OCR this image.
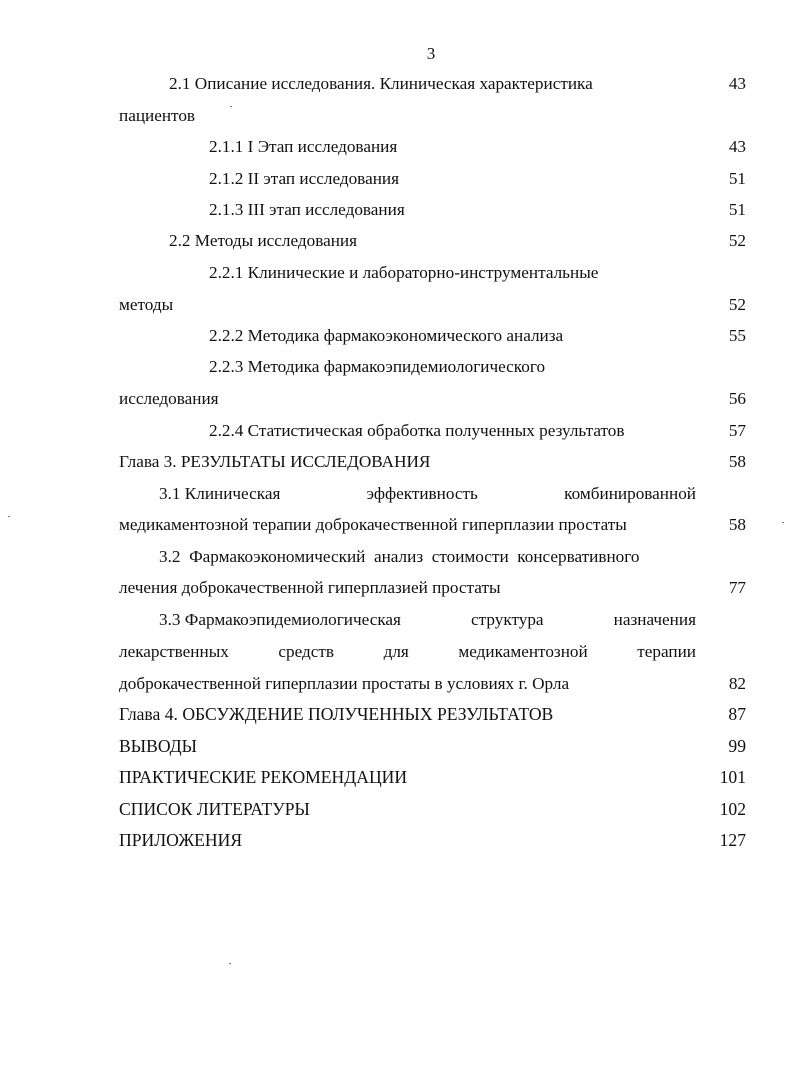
3
2.1 Описание исследования. Клиническая характеристика	43
пациентов
2.1.1 I Этап исследования	43
2.1.2 II этап исследования	51
2.1.3 III этап исследования	51
2.2 Методы исследования	52
2.2.1 Клинические и лабораторно-инструментальные
методы	52
2.2.2 Методика фармакоэкономического анализа	55
2.2.3 Методика фармакоэпидемиологического
исследования	56
2.2.4 Статистическая обработка полученных результатов	57
Глава 3. РЕЗУЛЬТАТЫ ИССЛЕДОВАНИЯ	58
3.1 Клиническая	эффективность	комбинированной
медикаментозной терапии доброкачественной гиперплазии простаты	58
3.2  Фармакоэкономический  анализ  стоимости  консервативного
лечения доброкачественной гиперплазией простаты	77
3.3 Фармакоэпидемиологическая	структура	назначения
лекарственных	средств	для	медикаментозной	терапии
доброкачественной гиперплазии простаты в условиях г. Орла	82
Глава 4. ОБСУЖДЕНИЕ ПОЛУЧЕННЫХ РЕЗУЛЬТАТОВ	87
ВЫВОДЫ	99
ПРАКТИЧЕСКИЕ РЕКОМЕНДАЦИИ	101
СПИСОК ЛИТЕРАТУРЫ	102
ПРИЛОЖЕНИЯ	127
